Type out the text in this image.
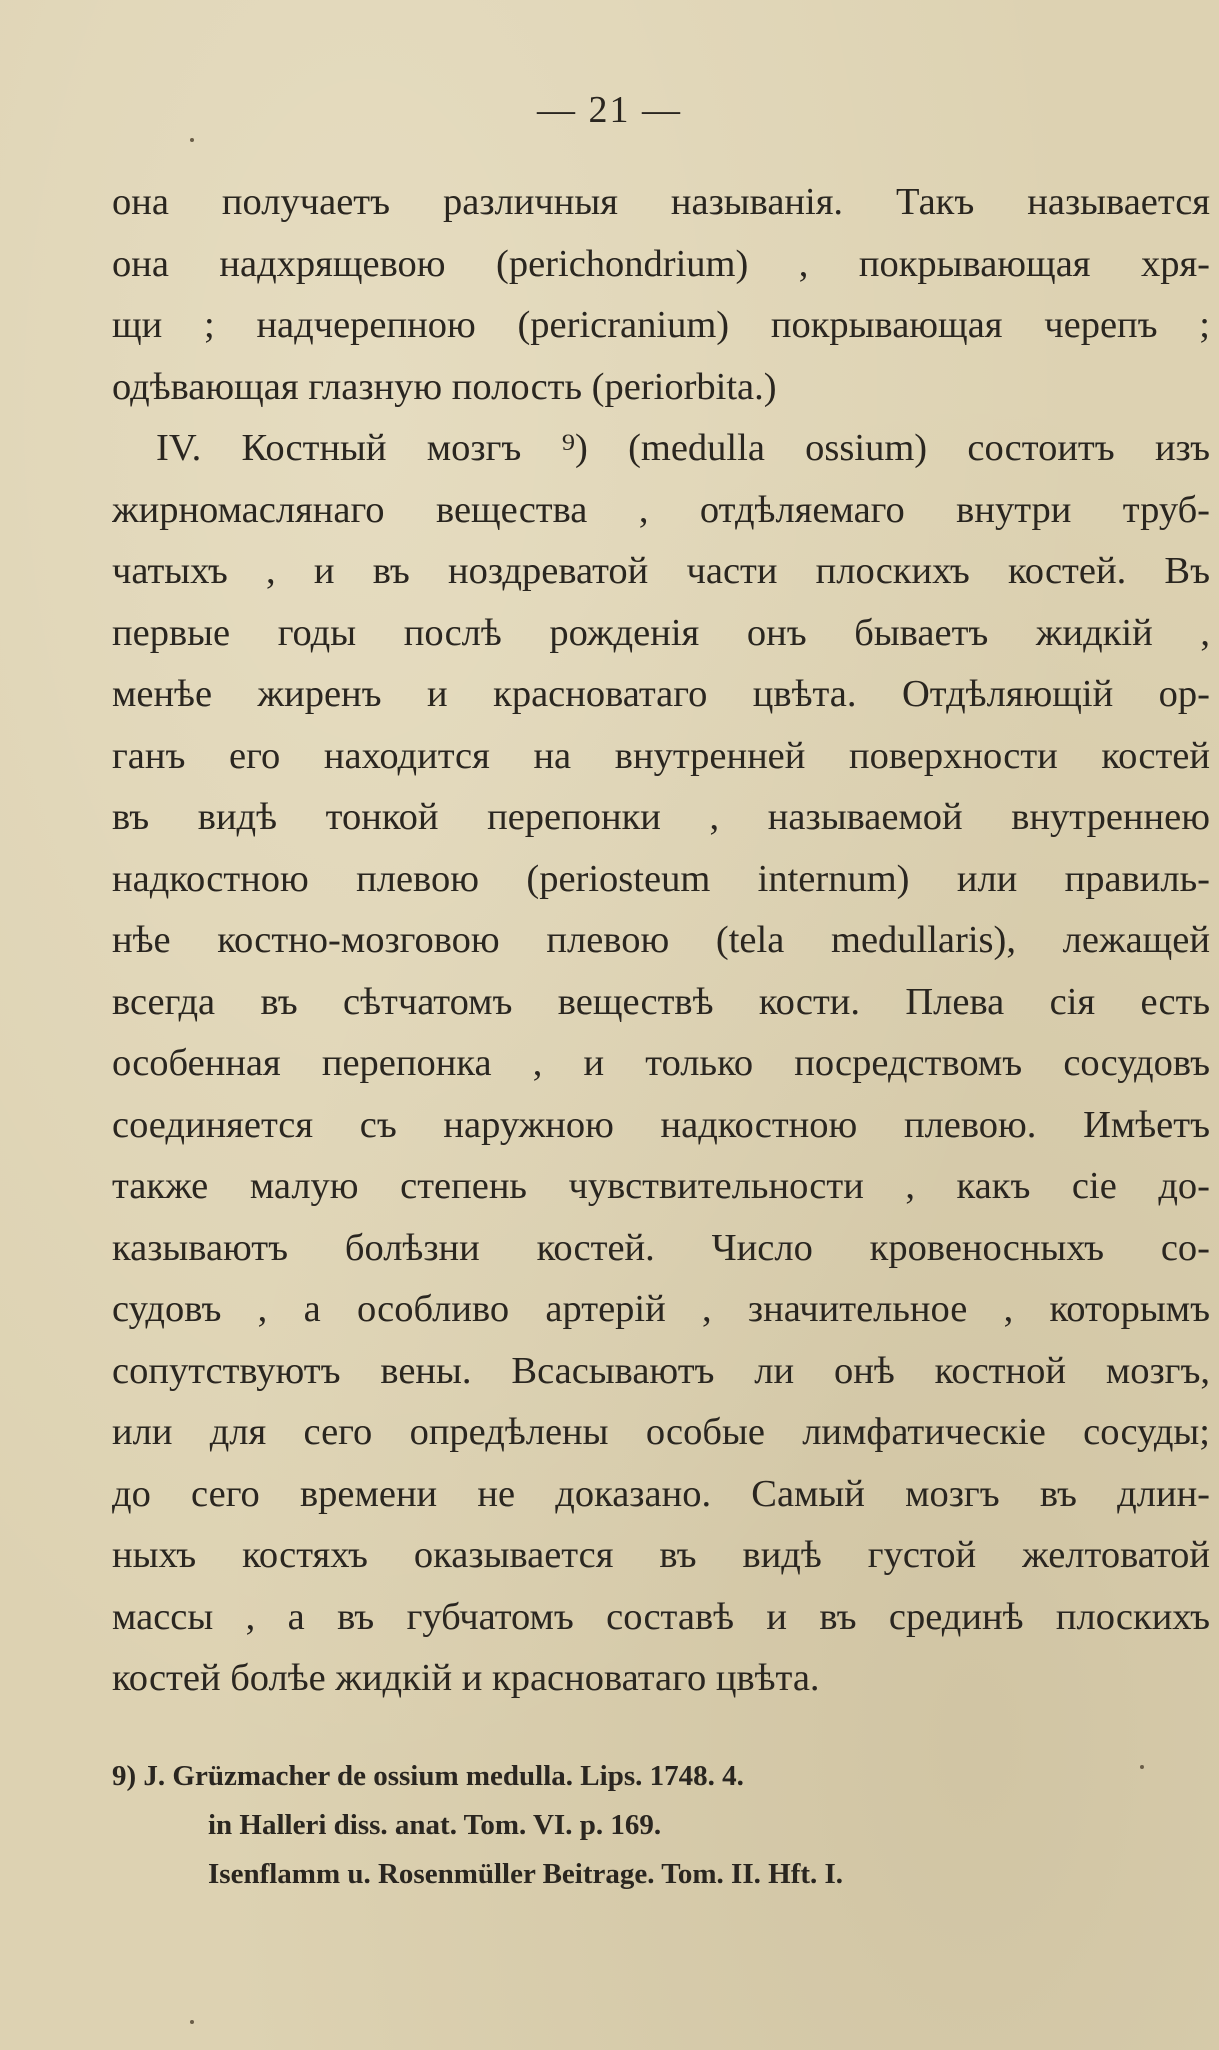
— 21 —
она получаетъ различныя называнія. Такъ называется
она надхрящевою (perichondrium) , покрывающая хря-
щи ; надчерепною (pericranium) покрывающая черепъ ;
одѣвающая глазную полость (periorbita.)
IV. Костный мозгъ ⁹) (medulla ossium) состоитъ изъ
жирномаслянаго вещества , отдѣляемаго внутри труб-
чатыхъ , и въ ноздреватой части плоскихъ костей. Въ
первые годы послѣ рожденія онъ бываетъ жидкій ,
менѣе жиренъ и красноватаго цвѣта. Отдѣляющій ор-
ганъ его находится на внутренней поверхности костей
въ видѣ тонкой перепонки , называемой внутреннею
надкостною плевою (periosteum internum) или правиль-
нѣе костно-мозговою плевою (tela medullaris), лежащей
всегда въ сѣтчатомъ веществѣ кости. Плева сія есть
особенная перепонка , и только посредствомъ сосудовъ
соединяется съ наружною надкостною плевою. Имѣетъ
также малую степень чувствительности , какъ сіе до-
казываютъ болѣзни костей. Число кровеносныхъ со-
судовъ , а особливо артерій , значительное , которымъ
сопутствуютъ вены. Всасываютъ ли онѣ костной мозгъ,
или для сего опредѣлены особые лимфатическіе сосуды;
до сего времени не доказано. Самый мозгъ въ длин-
ныхъ костяхъ оказывается въ видѣ густой желтоватой
массы , а въ губчатомъ составѣ и въ срединѣ плоскихъ
костей болѣе жидкій и красноватаго цвѣта.
9) J. Grüzmacher de ossium medulla. Lips. 1748. 4.
in Halleri diss. anat. Tom. VI. p. 169.
Isenflamm u. Rosenmüller Beitrage. Tom. II. Hft. I.
